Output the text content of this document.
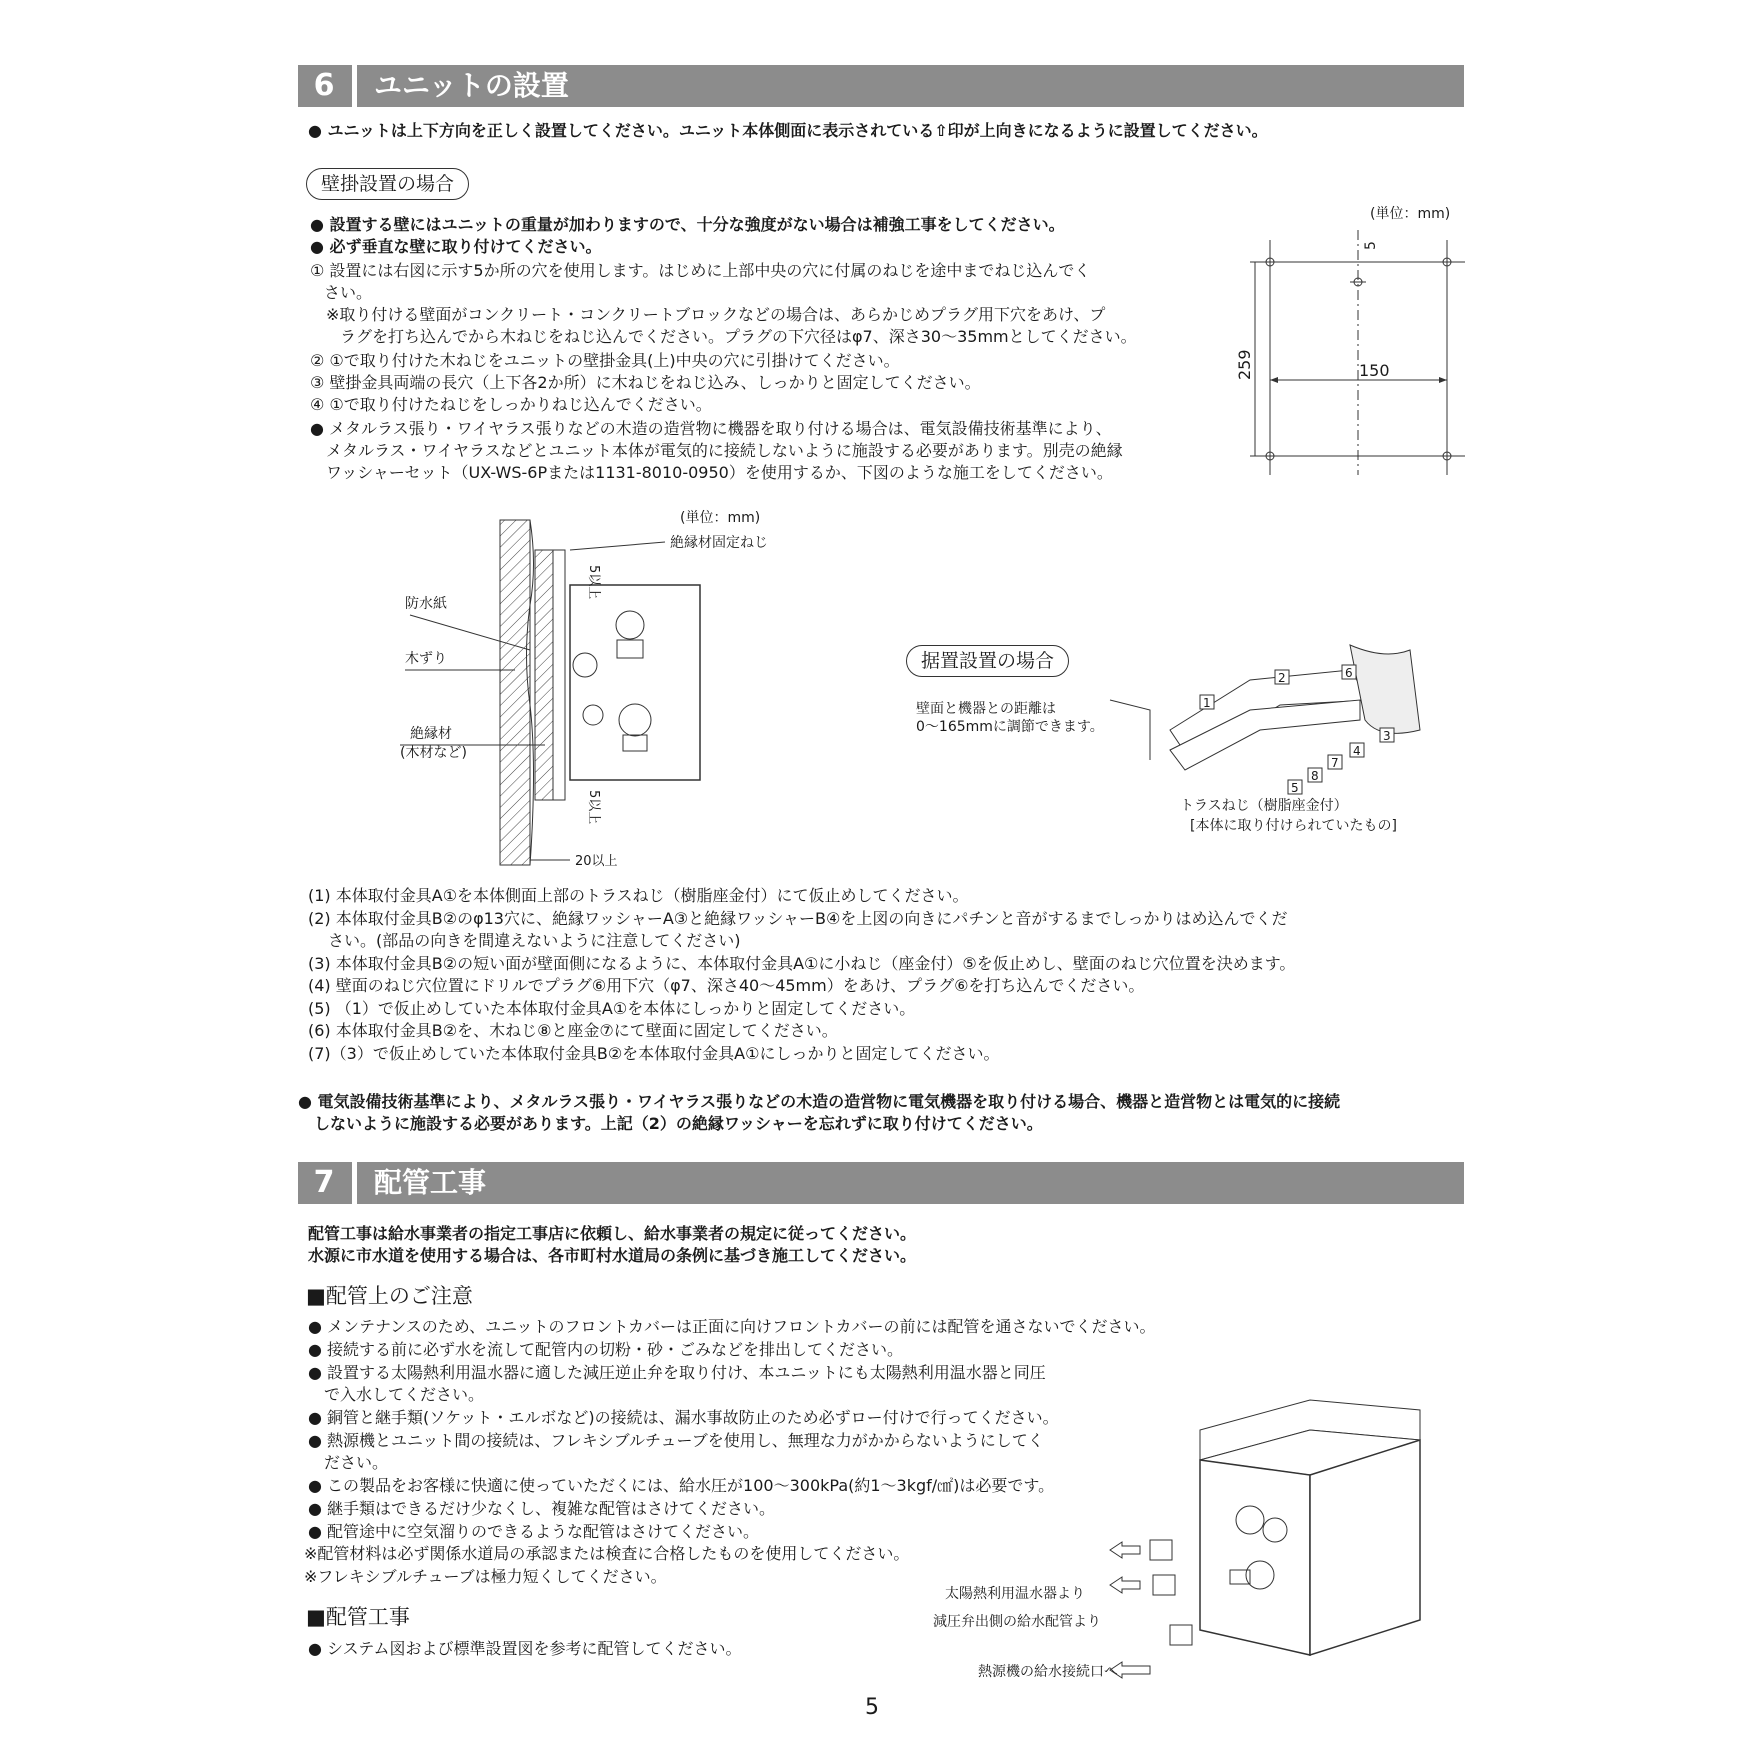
6	ユニットの設置
● ユニットは上下方向を正しく設置してください。ユニット本体側面に表示されている⇧印が上向きになるように設置してください。
壁掛設置の場合
● 設置する壁にはユニットの重量が加わりますので、十分な強度がない場合は補強工事をしてください。
● 必ず垂直な壁に取り付けてください。
① 設置には右図に示す5か所の穴を使用します。はじめに上部中央の穴に付属のねじを途中までねじ込んでく
さい。
※取り付ける壁面がコンクリート・コンクリートブロックなどの場合は、あらかじめプラグ用下穴をあけ、プ
ラグを打ち込んでから木ねじをねじ込んでください。プラグの下穴径はφ7、深さ30～35mmとしてください。
② ①で取り付けた木ねじをユニットの壁掛金具(上)中央の穴に引掛けてください。
③ 壁掛金具両端の長穴（上下各2か所）に木ねじをねじ込み、しっかりと固定してください。
④ ①で取り付けたねじをしっかりねじ込んでください。
● メタルラス張り・ワイヤラス張りなどの木造の造営物に機器を取り付ける場合は、電気設備技術基準により、
メタルラス・ワイヤラスなどとユニット本体が電気的に接続しないように施設する必要があります。別売の絶縁
ワッシャーセット（UX-WS-6Pまたは1131-8010-0950）を使用するか、下図のような施工をしてください。
(単位：mm)
150
259
5
(単位：mm)
絶縁材固定ねじ
防水紙
木ずり
絶縁材
(木材など)
5以上
5以上
20以上
据置設置の場合
壁面と機器との距離は
0～165mmに調節できます。
1
2
3
4
5
6
7
8
トラスねじ（樹脂座金付）
[本体に取り付けられていたもの]
(1) 本体取付金具A①を本体側面上部のトラスねじ（樹脂座金付）にて仮止めしてください。
(2) 本体取付金具B②のφ13穴に、絶縁ワッシャーA③と絶縁ワッシャーB④を上図の向きにパチンと音がするまでしっかりはめ込んでくだ
さい。(部品の向きを間違えないように注意してください)
(3) 本体取付金具B②の短い面が壁面側になるように、本体取付金具A①に小ねじ（座金付）⑤を仮止めし、壁面のねじ穴位置を決めます。
(4) 壁面のねじ穴位置にドリルでプラグ⑥用下穴（φ7、深さ40～45mm）をあけ、プラグ⑥を打ち込んでください。
(5) （1）で仮止めしていた本体取付金具A①を本体にしっかりと固定してください。
(6) 本体取付金具B②を、木ねじ⑧と座金⑦にて壁面に固定してください。
(7)（3）で仮止めしていた本体取付金具B②を本体取付金具A①にしっかりと固定してください。
● 電気設備技術基準により、メタルラス張り・ワイヤラス張りなどの木造の造営物に電気機器を取り付ける場合、機器と造営物とは電気的に接続
しないように施設する必要があります。上記（2）の絶縁ワッシャーを忘れずに取り付けてください。
7	配管工事
配管工事は給水事業者の指定工事店に依頼し、給水事業者の規定に従ってください。
水源に市水道を使用する場合は、各市町村水道局の条例に基づき施工してください。
■配管上のご注意
● メンテナンスのため、ユニットのフロントカバーは正面に向けフロントカバーの前には配管を通さないでください。
● 接続する前に必ず水を流して配管内の切粉・砂・ごみなどを排出してください。
● 設置する太陽熱利用温水器に適した減圧逆止弁を取り付け、本ユニットにも太陽熱利用温水器と同圧
で入水してください。
● 銅管と継手類(ソケット・エルボなど)の接続は、漏水事故防止のため必ずロー付けで行ってください。
● 熱源機とユニット間の接続は、フレキシブルチューブを使用し、無理な力がかからないようにしてく
ださい。
● この製品をお客様に快適に使っていただくには、給水圧が100～300kPa(約1～3kgf/㎠)は必要です。
● 継手類はできるだけ少なくし、複雑な配管はさけてください。
● 配管途中に空気溜りのできるような配管はさけてください。
※配管材料は必ず関係水道局の承認または検査に合格したものを使用してください。
※フレキシブルチューブは極力短くしてください。
■配管工事
● システム図および標準設置図を参考に配管してください。
太陽熱利用温水器より
減圧弁出側の給水配管より
熱源機の給水接続口へ
5
